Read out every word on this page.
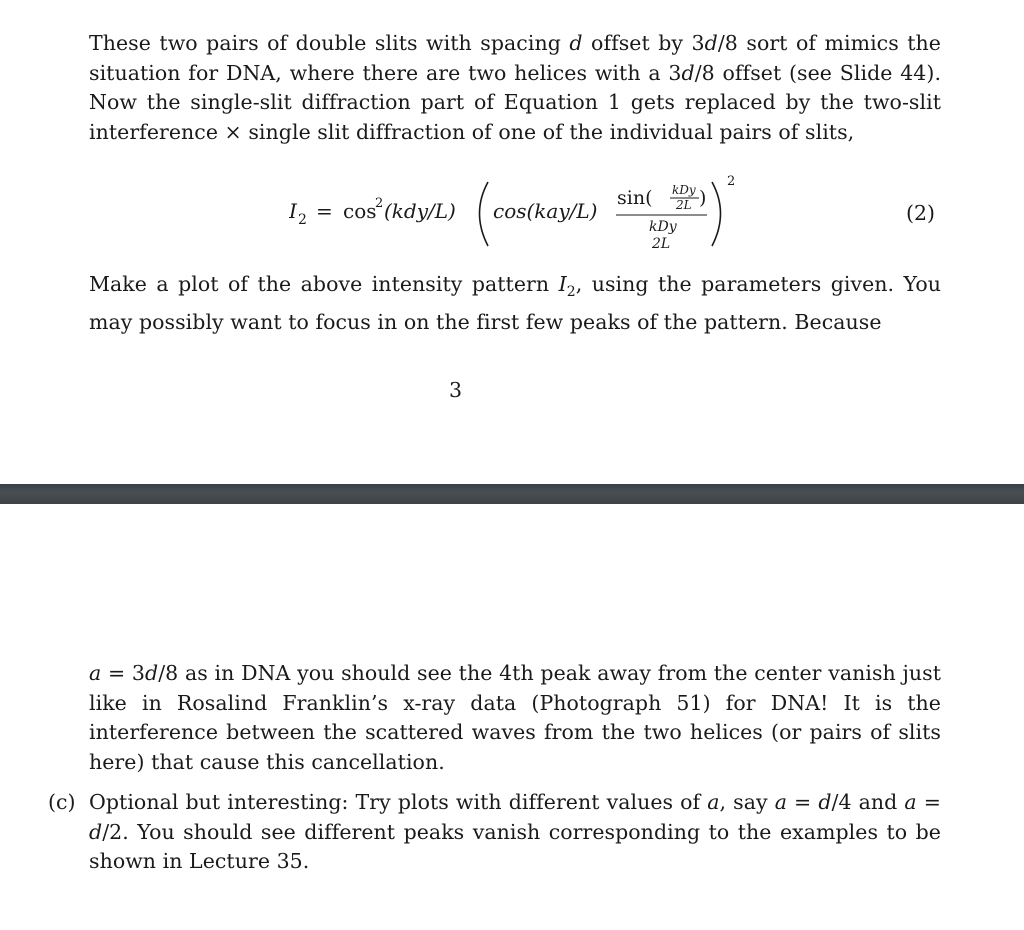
These two pairs of double slits with spacing d offset by 3d/8 sort of mimics the situation for DNA, where there are two helices with a 3d/8 offset (see Slide 44). Now the single-slit diffraction part of Equation 1 gets replaced by the two-slit interference × single slit diffraction of one of the individual pairs of slits,

I 2 = cos
2 (kdy/L) cos(kay/L)
sin( kDy
2L )
kDy
2L
2
(2)

Make a plot of the above intensity pattern $I_2$, using the parameters given. You may possibly want to focus in on the first few peaks of the pattern. Because

3

a = 3d/8 as in DNA you should see the 4th peak away from the center vanish just like in Rosalind Franklin’s x-ray data (Photograph 51) for DNA! It is the interference between the scattered waves from the two helices (or pairs of slits here) that cause this cancellation.

(c) Optional but interesting: Try plots with different values of a, say a = d/4 and a = d/2. You should see different peaks vanish corresponding to the examples to be shown in Lecture 35.
